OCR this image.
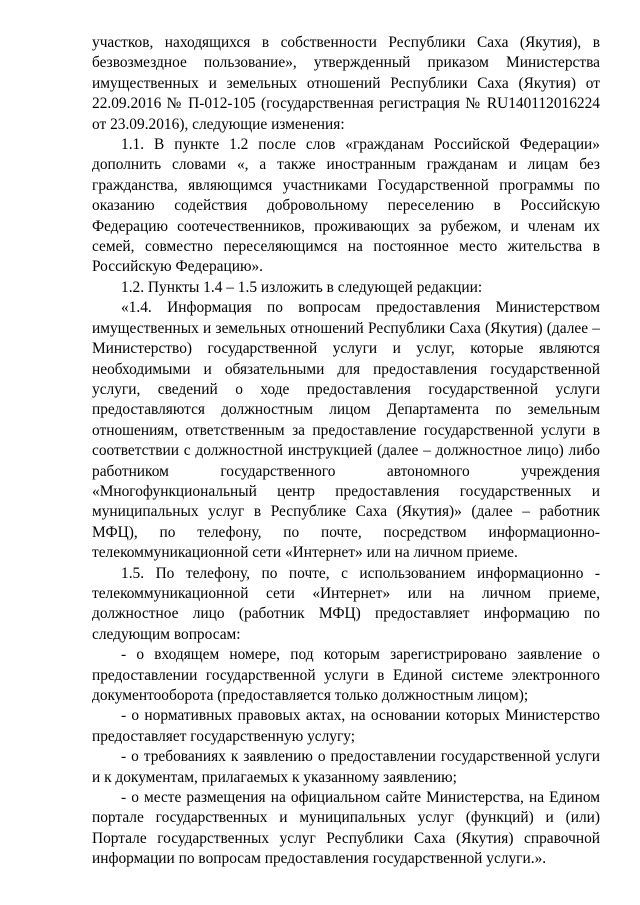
участков, находящихся в собственности Республики Саха (Якутия), в безвозмездное пользование», утвержденный приказом Министерства имущественных и земельных отношений Республики Саха (Якутия) от 22.09.2016 № П-012-105 (государственная регистрация № RU140112016224 от 23.09.2016), следующие изменения:

1.1. В пункте 1.2 после слов «гражданам Российской Федерации» дополнить словами «, а также иностранным гражданам и лицам без гражданства, являющимся участниками Государственной программы по оказанию содействия добровольному переселению в Российскую Федерацию соотечественников, проживающих за рубежом, и членам их семей, совместно переселяющимся на постоянное место жительства в Российскую Федерацию».

1.2. Пункты 1.4 – 1.5 изложить в следующей редакции:

«1.4. Информация по вопросам предоставления Министерством имущественных и земельных отношений Республики Саха (Якутия) (далее – Министерство) государственной услуги и услуг, которые являются необходимыми и обязательными для предоставления государственной услуги, сведений о ходе предоставления государственной услуги предоставляются должностным лицом Департамента по земельным отношениям, ответственным за предоставление государственной услуги в соответствии с должностной инструкцией (далее – должностное лицо) либо работником государственного автономного учреждения «Многофункциональный центр предоставления государственных и муниципальных услуг в Республике Саха (Якутия)» (далее – работник МФЦ), по телефону, по почте, посредством информационно-телекоммуникационной сети «Интернет» или на личном приеме.

1.5. По телефону, по почте, с использованием информационно - телекоммуникационной сети «Интернет» или на личном приеме, должностное лицо (работник МФЦ) предоставляет информацию по следующим вопросам:

- о входящем номере, под которым зарегистрировано заявление о предоставлении государственной услуги в Единой системе электронного документооборота (предоставляется только должностным лицом);

- о нормативных правовых актах, на основании которых Министерство предоставляет государственную услугу;

- о требованиях к заявлению о предоставлении государственной услуги и к документам, прилагаемых к указанному заявлению;

- о месте размещения на официальном сайте Министерства, на Едином портале государственных и муниципальных услуг (функций) и (или) Портале государственных услуг Республики Саха (Якутия) справочной информации по вопросам предоставления государственной услуги.».
